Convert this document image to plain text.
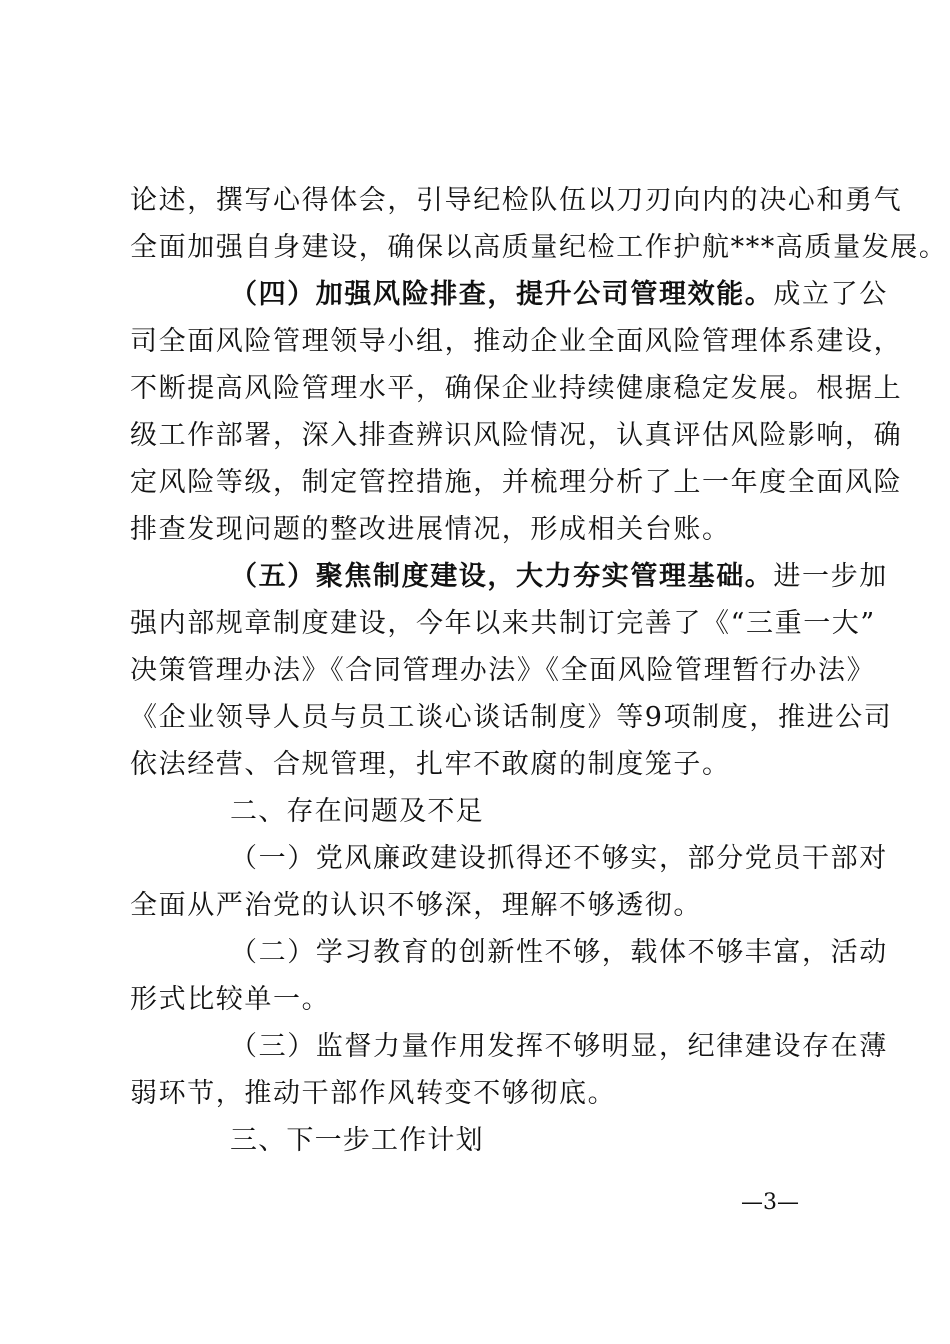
论述，撰写心得体会，引导纪检队伍以刀刃向内的决心和勇气
全面加强自身建设，确保以高质量纪检工作护航***高质量发展。
（四）加强风险排查，提升公司管理效能。成立了公
司全面风险管理领导小组，推动企业全面风险管理体系建设，
不断提高风险管理水平，确保企业持续健康稳定发展。根据上
级工作部署，深入排查辨识风险情况，认真评估风险影响，确
定风险等级，制定管控措施，并梳理分析了上一年度全面风险
排查发现问题的整改进展情况，形成相关台账。
（五）聚焦制度建设，大力夯实管理基础。进一步加
强内部规章制度建设，今年以来共制订完善了《“三重一大”
决策管理办法》《合同管理办法》《全面风险管理暂行办法》
《企业领导人员与员工谈心谈话制度》等9项制度，推进公司
依法经营、合规管理，扎牢不敢腐的制度笼子。
二、存在问题及不足
（一）党风廉政建设抓得还不够实，部分党员干部对
全面从严治党的认识不够深，理解不够透彻。
（二）学习教育的创新性不够，载体不够丰富，活动
形式比较单一。
（三）监督力量作用发挥不够明显，纪律建设存在薄
弱环节，推动干部作风转变不够彻底。
三、下一步工作计划
—3—
